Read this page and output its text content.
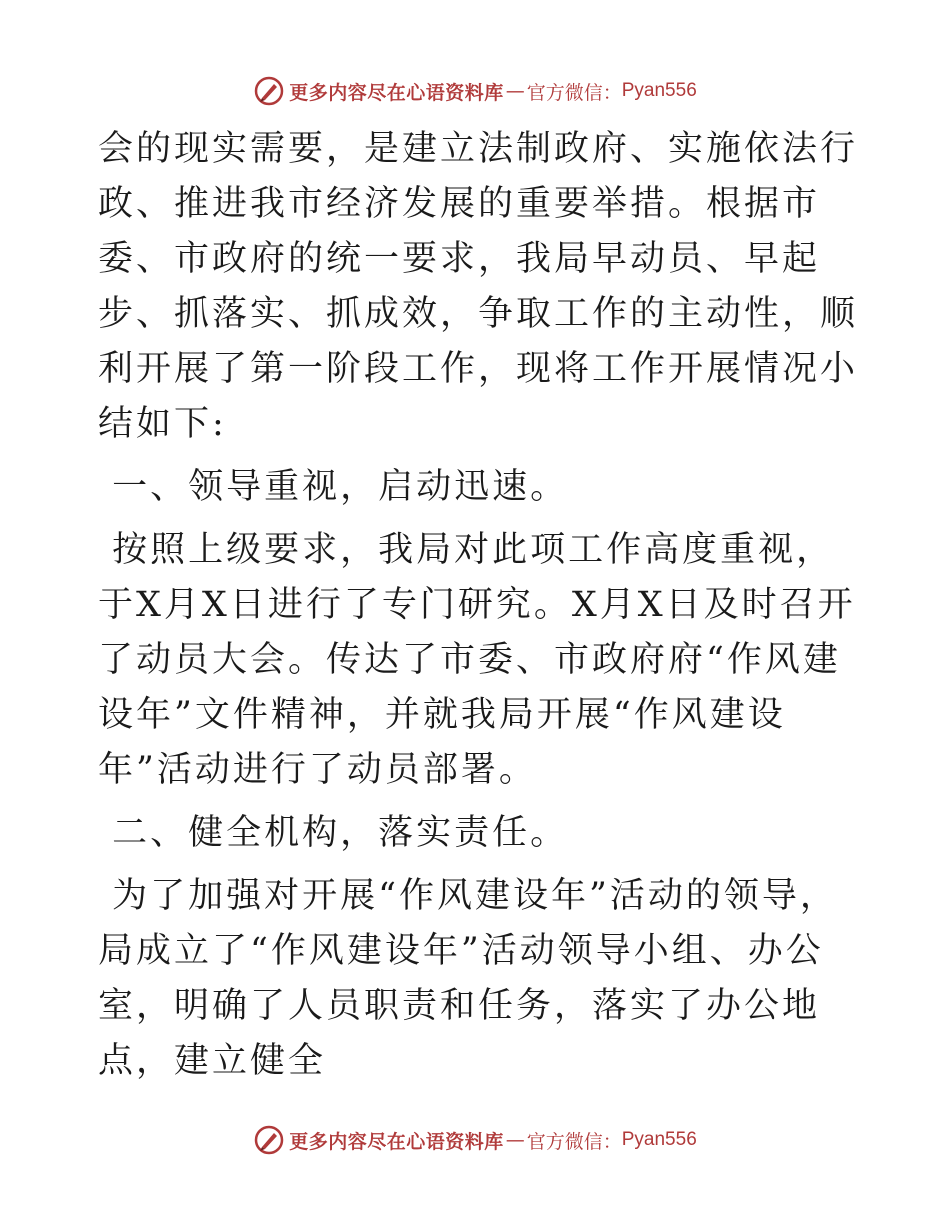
更多内容尽在心语资料库 — 官方微信： Pyan556

会的现实需要，是建立法制政府、实施依法行政、推进我市经济发展的重要举措。根据市委、市政府的统一要求，我局早动员、早起步、抓落实、抓成效，争取工作的主动性，顺利开展了第一阶段工作，现将工作开展情况小结如下:

一、领导重视，启动迅速。

按照上级要求，我局对此项工作高度重视，于X月X日进行了专门研究。X月X日及时召开了动员大会。传达了市委、市政府府“作风建设年”文件精神，并就我局开展“作风建设年”活动进行了动员部署。

二、健全机构，落实责任。

为了加强对开展“作风建设年”活动的领导，局成立了“作风建设年”活动领导小组、办公室，明确了人员职责和任务，落实了办公地点，建立健全

更多内容尽在心语资料库 — 官方微信： Pyan556
